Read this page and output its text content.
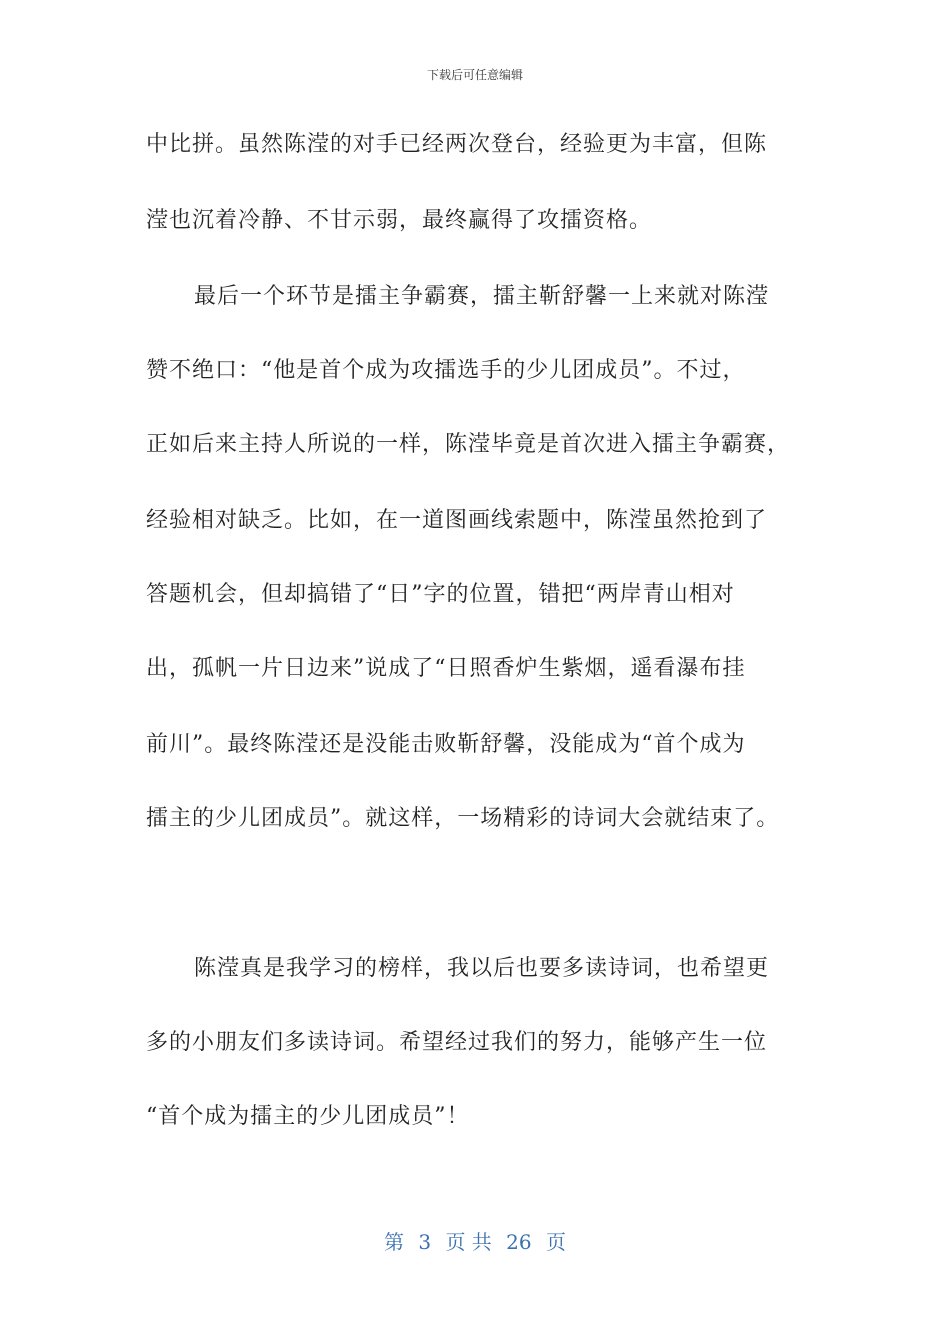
下载后可任意编辑
中比拼。虽然陈滢的对手已经两次登台，经验更为丰富，但陈
滢也沉着冷静、不甘示弱，最终赢得了攻擂资格。
最后一个环节是擂主争霸赛，擂主靳舒馨一上来就对陈滢
赞不绝口：“他是首个成为攻擂选手的少儿团成员”。不过，
正如后来主持人所说的一样，陈滢毕竟是首次进入擂主争霸赛，
经验相对缺乏。比如，在一道图画线索题中，陈滢虽然抢到了
答题机会，但却搞错了“日”字的位置，错把“两岸青山相对
出，孤帆一片日边来”说成了“日照香炉生紫烟，遥看瀑布挂
前川”。最终陈滢还是没能击败靳舒馨，没能成为“首个成为
擂主的少儿团成员”。就这样，一场精彩的诗词大会就结束了。
陈滢真是我学习的榜样，我以后也要多读诗词，也希望更
多的小朋友们多读诗词。希望经过我们的努力，能够产生一位
“首个成为擂主的少儿团成员”！
第 3 页 共 26 页
